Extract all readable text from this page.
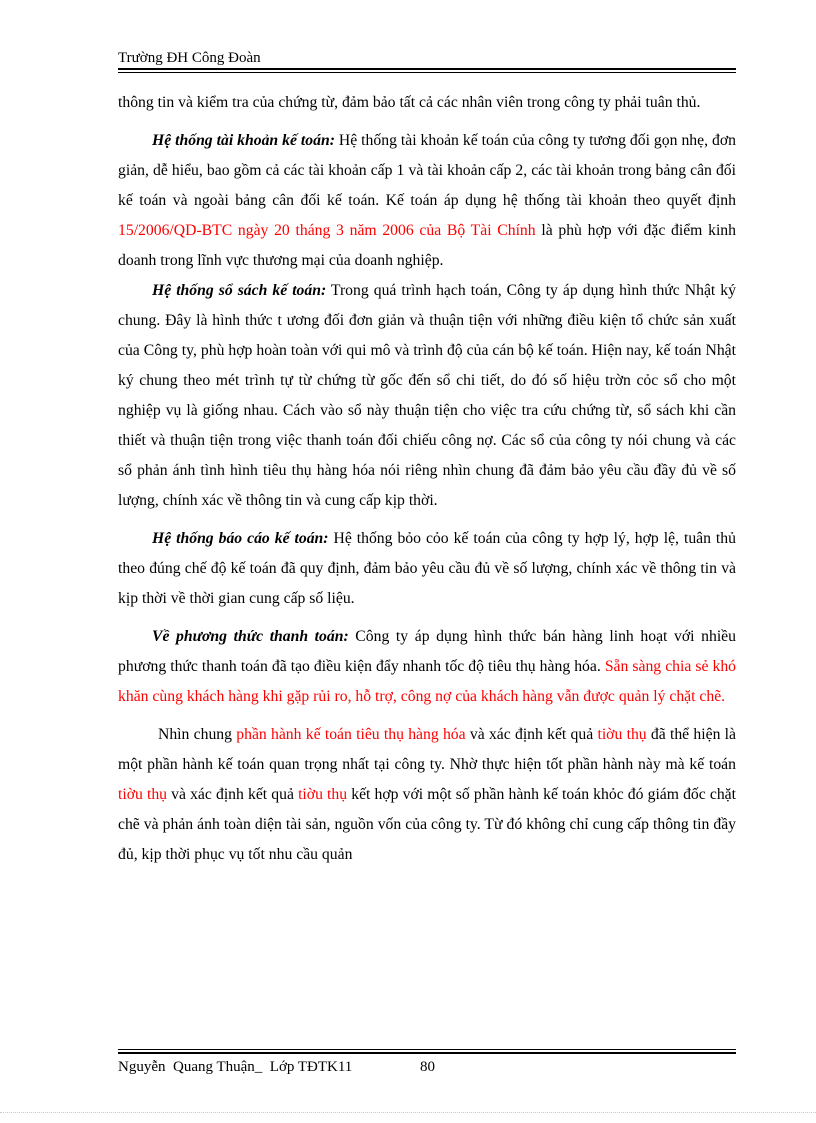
Trường ĐH Công Đoàn

thông tin và kiểm tra của chứng từ, đảm bảo tất cả các nhân viên trong công ty phải tuân thủ.

Hệ thống tài khoản kế toán: Hệ thống tài khoản kế toán của công ty tương đối gọn nhẹ, đơn giản, dễ hiểu, bao gồm cả các tài khoản cấp 1 và tài khoản cấp 2, các tài khoản trong bảng cân đối kế toán và ngoài bảng cân đối kế toán. Kế toán áp dụng hệ thống tài khoản theo quyết định 15/2006/QD-BTC ngày 20 tháng 3 năm 2006 của Bộ Tài Chính là phù hợp với đặc điểm kinh doanh trong lĩnh vực thương mại của doanh nghiệp.

Hệ thống sổ sách kế toán: Trong quá trình hạch toán, Công ty áp dụng hình thức Nhật ký chung. Đây là hình thức t ương đối đơn giản và thuận tiện với những điều kiện tổ chức sản xuất của Công ty, phù hợp hoàn toàn với qui mô và trình độ của cán bộ kế toán. Hiện nay, kế toán Nhật ký chung theo mét trình tự từ chứng từ gốc đến sổ chi tiết, do đó số hiệu trờn cỏc sổ cho một nghiệp vụ là giống nhau. Cách vào sổ này thuận tiện cho việc tra cứu chứng từ, sổ sách khi cần thiết và thuận tiện trong việc thanh toán đối chiếu công nợ. Các sổ của công ty nói chung và các sổ phản ánh tình hình tiêu thụ hàng hóa nói riêng nhìn chung đã đảm bảo yêu cầu đầy đủ về số lượng, chính xác về thông tin và cung cấp kịp thời.

Hệ thống báo cáo kế toán: Hệ thống bỏo cỏo kế toán của công ty hợp lý, hợp lệ, tuân thủ theo đúng chế độ kế toán đã quy định, đảm bảo yêu cầu đủ về số lượng, chính xác về thông tin và kịp thời về thời gian cung cấp số liệu.

Về phương thức thanh toán: Công ty áp dụng hình thức bán hàng linh hoạt với nhiều phương thức thanh toán đã tạo điều kiện đẩy nhanh tốc độ tiêu thụ hàng hóa. Sẵn sàng chia sẻ khó khăn cùng khách hàng khi gặp rủi ro, hỗ trợ, công nợ của khách hàng vẫn được quản lý chặt chẽ.

Nhìn chung phần hành kế toán tiêu thụ hàng hóa và xác định kết quả tiờu thụ đã thể hiện là một phần hành kế toán quan trọng nhất tại công ty. Nhờ thực hiện tốt phần hành này mà kế toán tiờu thụ và xác định kết quả tiờu thụ kết hợp với một số phần hành kế toán khỏc đó giám đốc chặt chẽ và phản ánh toàn diện tài sản, nguồn vốn của công ty. Từ đó không chỉ cung cấp thông tin đầy đủ, kịp thời phục vụ tốt nhu cầu quản

Nguyễn  Quang Thuận_  Lớp TĐTK11	80
